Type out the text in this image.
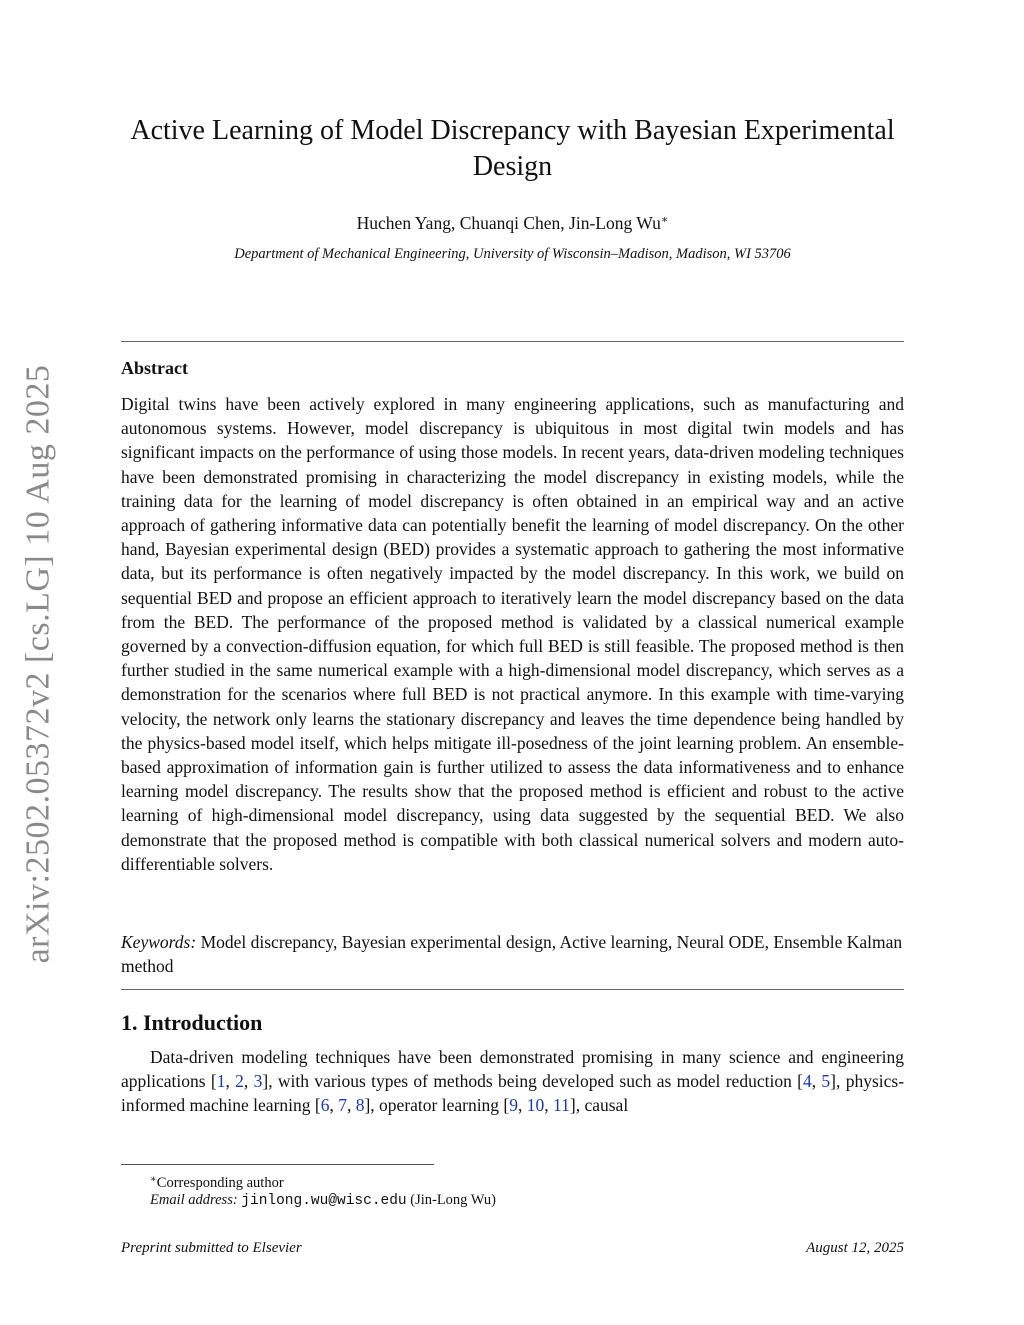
arXiv:2502.05372v2 [cs.LG] 10 Aug 2025
Active Learning of Model Discrepancy with Bayesian Experimental Design
Huchen Yang, Chuanqi Chen, Jin-Long Wu∗
Department of Mechanical Engineering, University of Wisconsin–Madison, Madison, WI 53706
Abstract

Digital twins have been actively explored in many engineering applications, such as manufacturing and autonomous systems. However, model discrepancy is ubiquitous in most digital twin models and has significant impacts on the performance of using those models. In recent years, data-driven modeling techniques have been demonstrated promising in characterizing the model discrepancy in existing models, while the training data for the learning of model discrepancy is often obtained in an empirical way and an active approach of gathering informative data can potentially benefit the learning of model discrepancy. On the other hand, Bayesian experimental design (BED) provides a systematic approach to gathering the most informative data, but its performance is often negatively impacted by the model discrepancy. In this work, we build on sequential BED and propose an efficient approach to iteratively learn the model discrepancy based on the data from the BED. The performance of the proposed method is validated by a classical numerical example governed by a convection-diffusion equation, for which full BED is still feasible. The proposed method is then further studied in the same numerical example with a high-dimensional model discrepancy, which serves as a demonstration for the scenarios where full BED is not practical anymore. In this example with time-varying velocity, the network only learns the stationary discrepancy and leaves the time dependence being handled by the physics-based model itself, which helps mitigate ill-posedness of the joint learning problem. An ensemble-based approximation of information gain is further utilized to assess the data informativeness and to enhance learning model discrepancy. The results show that the proposed method is efficient and robust to the active learning of high-dimensional model discrepancy, using data suggested by the sequential BED. We also demonstrate that the proposed method is compatible with both classical numerical solvers and modern auto-differentiable solvers.

Keywords: Model discrepancy, Bayesian experimental design, Active learning, Neural ODE, Ensemble Kalman method
1. Introduction

Data-driven modeling techniques have been demonstrated promising in many science and engineering applications [1, 2, 3], with various types of methods being developed such as model reduction [4, 5], physics-informed machine learning [6, 7, 8], operator learning [9, 10, 11], causal

∗Corresponding author
Email address: jinlong.wu@wisc.edu (Jin-Long Wu)
Preprint submitted to Elsevier	August 12, 2025
